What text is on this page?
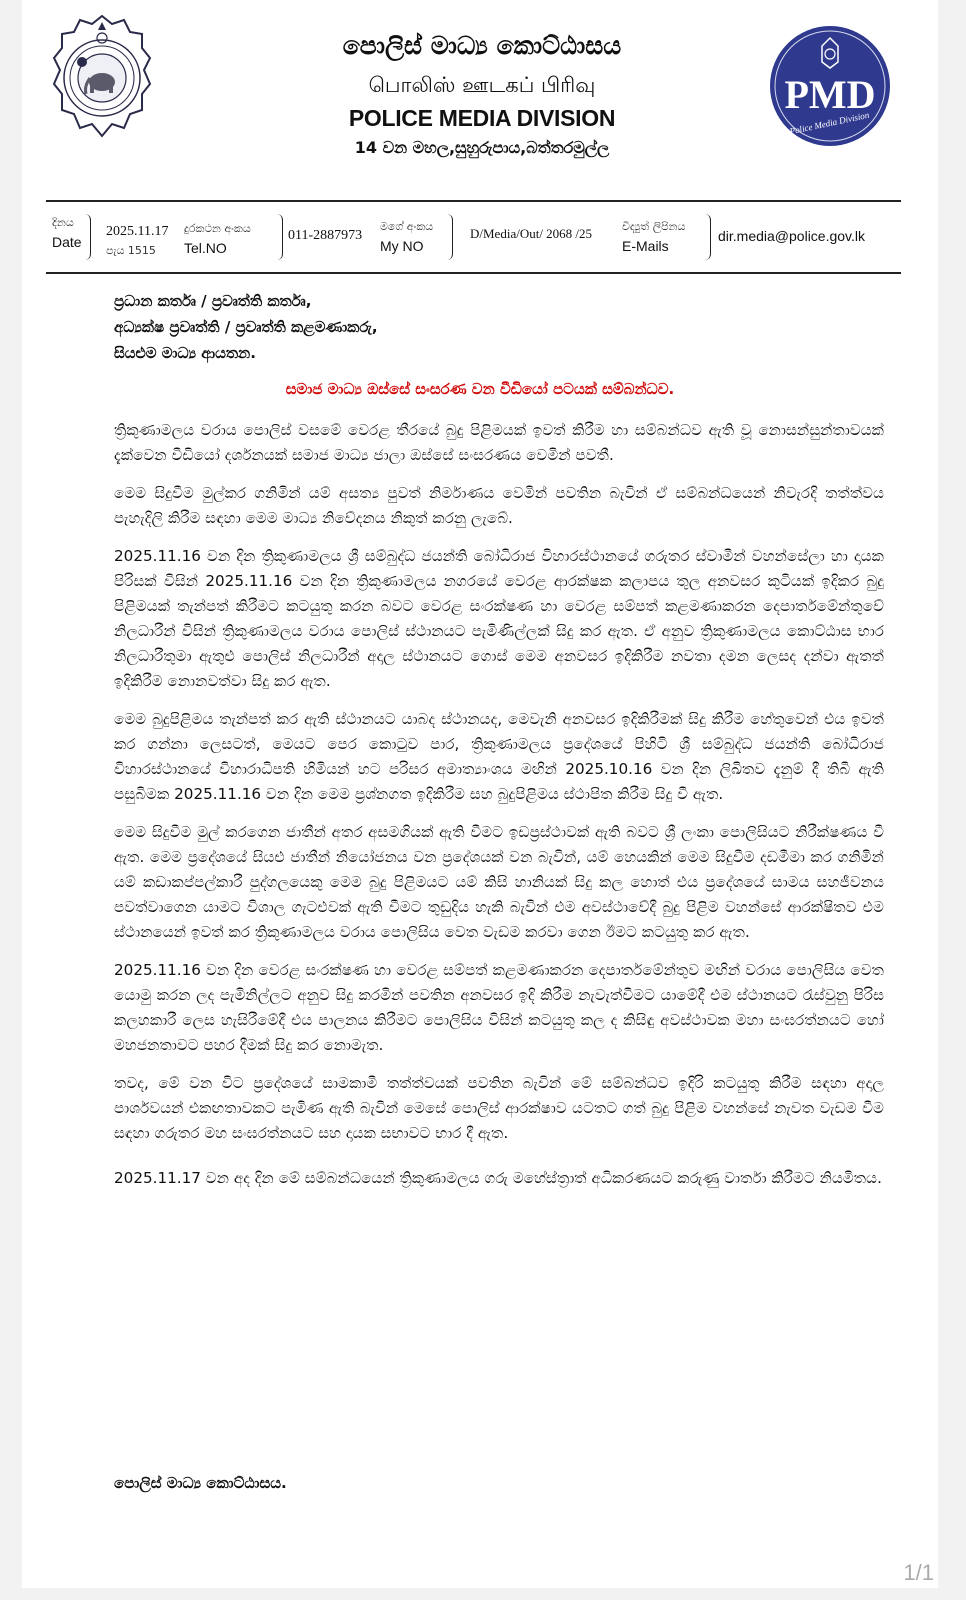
පොලිස් මාධ්‍ය කොට්ඨාසය
பொலிஸ் ஊடகப் பிரிவு
POLICE MEDIA DIVISION
14 වන මහල,සුහුරුපාය,බත්තරමුල්ල
PMD
Police Media Division
දිනය
Date
2025.11.17
පැය 1515
දුරකථන අංකය
Tel.NO
011-2887973
මගේ අංකය
My NO
D/Media/Out/ 2068 /25	විද්‍යුත් ලිපිනය
E-Mails
dir.media@police.gov.lk
ප්‍රධාන කර්තෘ / ප්‍රවෘත්ති කර්තෘ,
අධ්‍යක්ෂ ප්‍රවෘත්ති / ප්‍රවෘත්ති කළමණාකරු,
සියළුම මාධ්‍ය ආයතන.
සමාජ මාධ්‍ය ඔස්සේ සංසරණ වන වීඩියෝ පටයක් සම්බන්ධව.

ත්‍රිකුණාමලය වරාය පොලිස් වසමේ වෙරළ තීරයේ බුදු පිළිමයක් ඉවත් කිරීම හා සම්බන්ධව ඇති වූ නොසන්සුන්තාවයක් දැක්වෙන වීඩියෝ දර්ශනයක් සමාජ මාධ්‍ය ජාලා ඔස්සේ සංසරණය වෙමින් පවතී.

මෙම සිදුවීම මුල්කර ගනිමින් යම් අසත්‍ය පුවත් නිර්මාණය වෙමින් පවතින බැවින් ඒ සම්බන්ධයෙන් නිවැරදි තත්ත්වය පැහැදිලි කිරීම සඳහා මෙම මාධ්‍ය නිවේදනය නිකුත් කරනු ලැබේ.

2025.11.16 වන දින ත්‍රිකුණාමලය ශ්‍රී සම්බුද්ධ ජයන්ති බෝධිරාජ විහාරස්ථානයේ ගරුතර ස්වාමීන් වහන්සේලා හා දායක පිරිසක් විසින් 2025.11.16 වන දින ත්‍රිකුණාමලය නගරයේ වෙරළ ආරක්ෂක කලාපය තුල අනවසර කුටියක් ඉදිකර බුදු පිළිමයක් තැන්පත් කිරීමට කටයුතු කරන බවට වෙරළ සංරක්ෂණ හා වෙරළ සම්පත් කළමණාකරන දෙපාර්තමේන්තුවේ නිලධාරීන් විසින් ත්‍රිකුණාමලය වරාය පොලිස් ස්ථානයට පැමිණිල්ලක් සිදු කර ඇත. ඒ අනුව ත්‍රිකුණාමලය කොට්ඨාස භාර නිලධාරීතුමා ඇතුළු පොලිස් නිලධාරීන් අදාල ස්ථානයට ගොස් මෙම අනවසර ඉදිකිරීම නවතා දමන ලෙසද දන්වා ඇතත් ඉදිකිරීම නොනවත්වා සිදු කර ඇත.

මෙම බුදුපිළිමය තැන්පත් කර ඇති ස්ථානයට යාබද ස්ථානයද, මෙවැනි අනවසර ඉදිකිරීමක් සිදු කිරීම හේතුවෙන් එය ඉවත් කර ගන්නා ලෙසටත්, මෙයට පෙර කොටුව පාර, ත්‍රිකුණාමලය ප්‍රදේශයේ පිහිටි ශ්‍රී සම්බුද්ධ ජයන්ති බෝධිරාජ විහාරස්ථානයේ විහාරාධිපති හිමියන් හට පරිසර අමාත්‍යාංශය මඟින් 2025.10.16 වන දින ලිඛිතව දැනුම් දී තිබී ඇති පසුබිමක 2025.11.16 වන දින මෙම ප්‍රශ්නගත ඉදිකිරීම සහ බුදුපිළිමය ස්ථාපිත කිරීම සිදු වී ඇත.

මෙම සිදුවීම මුල් කරගෙන ජාතීන් අතර අසමගියක් ඇති වීමට ඉඩප්‍රස්ථාවක් ඇති බවට ශ්‍රී ලංකා පොලිසියට නිරීක්ෂණය වී ඇත. මෙම ප්‍රදේශයේ සියළු ජාතීන් නියෝජනය වන ප්‍රදේශයක් වන බැවින්, යම් හෙයකින් මෙම සිදුවීම දඩමීමා කර ගනිමින් යම් කඩාකප්පල්කාරී පුද්ගලයෙකු මෙම බුදු පිළිමයට යම් කිසි හානියක් සිදු කල හොත් එය ප්‍රදේශයේ සාමය සහජීවනය පවත්වාගෙන යාමට විශාල ගැටළුවක් ඇති වීමට තුඩුදිය හැකි බැවින් එම අවස්ථාවේදී බුදු පිළිම වහන්සේ ආරක්ෂිතව එම ස්ථානයෙන් ඉවත් කර ත්‍රිකුණාමලය වරාය පොලිසිය වෙත වැඩම කරවා ගෙන ඊමට කටයුතු කර ඇත.

2025.11.16 වන දින වෙරළ සංරක්ෂණ හා වෙරළ සම්පත් කළමණාකරන දෙපාර්තමේන්තුව මඟින් වරාය පොලිසිය වෙත යොමු කරන ලද පැමිනිල්ලට අනුව සිදු කරමින් පවතින අනවසර ඉදි කිරීම නැවැත්වීමට යාමේදී එම ස්ථානයට රැස්වුනු පිරිස කලහකාරී ලෙස හැසිරීමේදී එය පාලනය කිරීමට පොලිසිය විසින් කටයුතු කල ද කිසිඳු අවස්ථාවක මහා සංඝරත්නයට හෝ මහජනතාවට පහර දීමක් සිදු කර නොමැත.

තවද, මේ වන විට ප්‍රදේශයේ සාමකාමී තත්ත්වයක් පවතින බැවින් මේ සම්බන්ධව ඉදිරි කටයුතු කිරීම සඳහා අදාල පාර්ශවයන් එකඟතාවකට පැමිණ ඇති බැවින් මෙසේ පොලිස් ආරක්ෂාව යටතට ගත් බුදු පිළිම වහන්සේ නැවත වැඩම වීම සඳහා ගරුතර මහ සංඝරත්නයට සහ දායක සභාවට භාර දී ඇත.

2025.11.17 වන අද දින මේ සම්බන්ධයෙන් ත්‍රිකුණාමලය ගරු මහේස්ත්‍රාත් අධිකරණයට කරුණු වාර්තා කිරීමට නියමිතය.

පොලිස් මාධ්‍ය කොට්ඨාසය.
1/1
